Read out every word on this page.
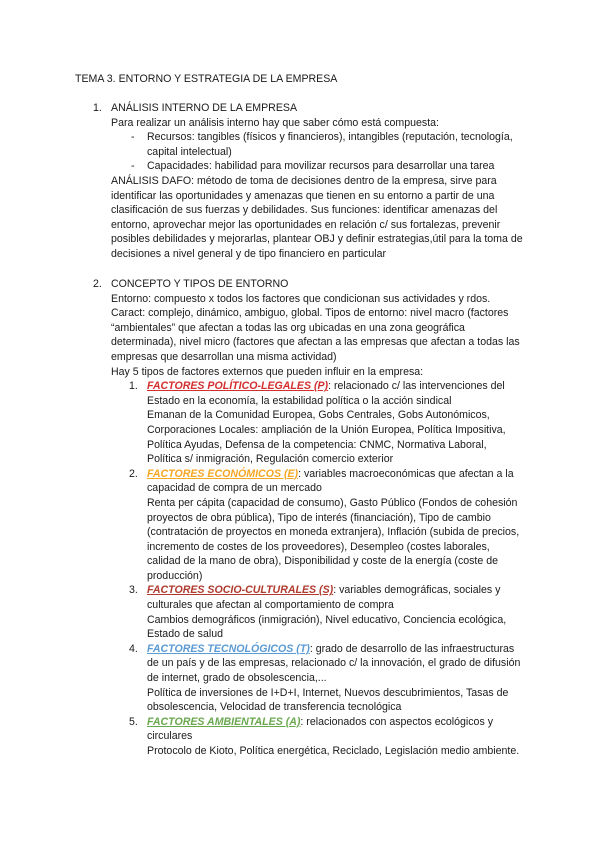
TEMA 3. ENTORNO Y ESTRATEGIA DE LA EMPRESA
1. ANÁLISIS INTERNO DE LA EMPRESA

Para realizar un análisis interno hay que saber cómo está compuesta:

-	Recursos: tangibles (físicos y financieros), intangibles (reputación, tecnología, capital intelectual)
-	Capacidades: habilidad para movilizar recursos para desarrollar una tarea

ANÁLISIS DAFO: método de toma de decisiones dentro de la empresa, sirve para identificar las oportunidades y amenazas que tienen en su entorno a partir de una clasificación de sus fuerzas y debilidades. Sus funciones: identificar amenazas del entorno, aprovechar mejor las oportunidades en relación c/ sus fortalezas, prevenir posibles debilidades y mejorarlas, plantear OBJ y definir estrategias,útil para la toma de decisiones a nivel general y de tipo financiero en particular

2. CONCEPTO Y TIPOS DE ENTORNO

Entorno: compuesto x todos los factores que condicionan sus actividades y rdos.

Caract: complejo, dinámico, ambiguo, global. Tipos de entorno: nivel macro (factores “ambientales” que afectan a todas las org ubicadas en una zona geográfica determinada), nivel micro (factores que afectan a las empresas que afectan a todas las empresas que desarrollan una misma actividad)

Hay 5 tipos de factores externos que pueden influir en la empresa:

1. FACTORES POLÍTICO-LEGALES (P): relacionado c/ las intervenciones del Estado en la economía, la estabilidad política o la acción sindical

Emanan de la Comunidad Europea, Gobs Centrales, Gobs Autonómicos, Corporaciones Locales: ampliación de la Unión Europea, Política Impositiva, Política Ayudas, Defensa de la competencia: CNMC, Normativa Laboral, Política s/ inmigración, Regulación comercio exterior

2. FACTORES ECONÓMICOS (E): variables macroeconómicas que afectan a la capacidad de compra de un mercado

Renta per cápita (capacidad de consumo), Gasto Público (Fondos de cohesión proyectos de obra pública), Tipo de interés (financiación), Tipo de cambio (contratación de proyectos en moneda extranjera), Inflación (subida de precios, incremento de costes de los proveedores), Desempleo (costes laborales, calidad de la mano de obra), Disponibilidad y coste de la energía (coste de producción)

3. FACTORES SOCIO-CULTURALES (S): variables demográficas, sociales y culturales que afectan al comportamiento de compra

Cambios demográficos (inmigración), Nivel educativo, Conciencia ecológica, Estado de salud

4. FACTORES TECNOLÓGICOS (T): grado de desarrollo de las infraestructuras de un país y de las empresas, relacionado c/ la innovación, el grado de difusión de internet, grado de obsolescencia,...

Política de inversiones de I+D+I, Internet, Nuevos descubrimientos, Tasas de obsolescencia, Velocidad de transferencia tecnológica

5. FACTORES AMBIENTALES (A): relacionados con aspectos ecológicos y circulares

Protocolo de Kioto, Política energética, Reciclado, Legislación medio ambiente.
